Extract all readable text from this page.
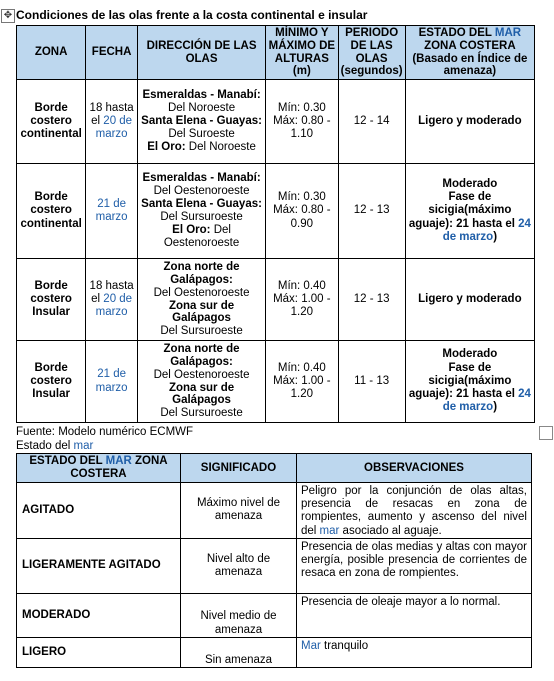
✥ Condiciones de las olas frente a la costa continental e insular
ZONA	FECHA	DIRECCIÓN DE LAS OLAS	MÍNIMO Y MÁXIMO DE ALTURAS (m)	PERIODO DE LAS OLAS (segundos)	ESTADO DEL MAR ZONA COSTERA (Basado en Índice de amenaza)
Borde costero continental	18 hasta el 20 de marzo	Esmeraldas - Manabí:
Del Noroeste
Santa Elena - Guayas:
Del Suroeste
El Oro: Del Noroeste	Mín: 0.30
Máx: 0.80 - 1.10	12 - 14	Ligero y moderado
Borde costero continental	21 de marzo	Esmeraldas - Manabí:
Del Oestenoroeste
Santa Elena - Guayas:
Del Sursuroeste
El Oro: Del Oestenoroeste	Mín: 0.30
Máx: 0.80 - 0.90	12 - 13	Moderado
Fase de sicigia(máximo aguaje): 21 hasta el 24 de marzo)
Borde costero Insular	18 hasta el 20 de marzo	Zona norte de Galápagos:
Del Oestenoroeste
Zona sur de Galápagos
Del Sursuroeste	Mín: 0.40
Máx: 1.00 - 1.20	12 - 13	Ligero y moderado
Borde costero Insular	21 de marzo	Zona norte de Galápagos:
Del Oestenoroeste
Zona sur de Galápagos
Del Sursuroeste	Mín: 0.40
Máx: 1.00 - 1.20	11 - 13	Moderado
Fase de sicigia(máximo aguaje): 21 hasta el 24 de marzo)
Fuente: Modelo numérico ECMWF
Estado del mar
ESTADO DEL MAR ZONA COSTERA	SIGNIFICADO	OBSERVACIONES
AGITADO	Máximo nivel de amenaza	Peligro por la conjunción de olas altas, presencia de resacas en zona de rompientes, aumento y ascenso del nivel del mar asociado al aguaje.
LIGERAMENTE AGITADO	Nivel alto de amenaza	Presencia de olas medias y altas con mayor energía, posible presencia de corrientes de resaca en zona de rompientes.
MODERADO	Nivel medio de amenaza	Presencia de oleaje mayor a lo normal.
LIGERO	Sin amenaza	Mar tranquilo
